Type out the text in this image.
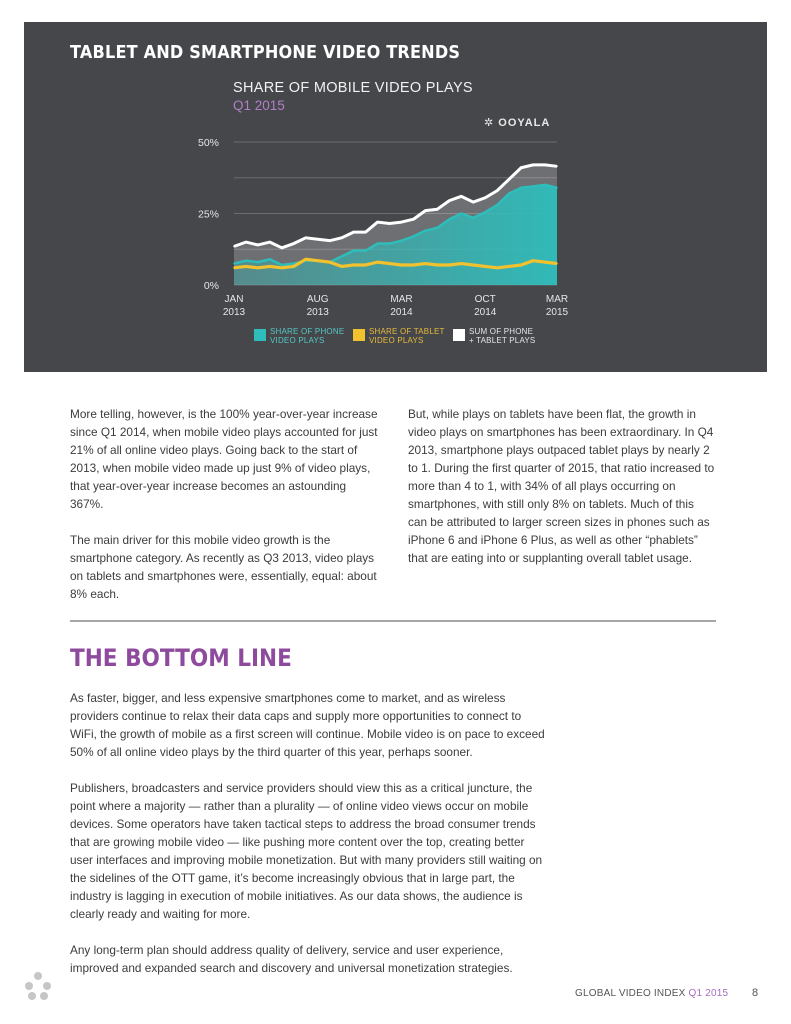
TABLET AND SMARTPHONE VIDEO TRENDS
SHARE OF MOBILE VIDEO PLAYS
Q1 2015
✲ OOYALA
0%
25%
50%
JAN
2013
AUG
2013
MAR
2014
OCT
2014
MAR
2015
SHARE OF PHONE
VIDEO PLAYS
SHARE OF TABLET
VIDEO PLAYS
SUM OF PHONE
+ TABLET PLAYS

More telling, however, is the 100% year-over-year increase since Q1 2014, when mobile video plays accounted for just 21% of all online video plays. Going back to the start of 2013, when mobile video made up just 9% of video plays, that year-over-year increase becomes an astounding 367%.

The main driver for this mobile video growth is the smartphone category. As recently as Q3 2013, video plays on tablets and smartphones were, essentially, equal: about 8% each.

But, while plays on tablets have been flat, the growth in video plays on smartphones has been extraordinary. In Q4 2013, smartphone plays outpaced tablet plays by nearly 2 to 1. During the first quarter of 2015, that ratio increased to more than 4 to 1, with 34% of all plays occurring on smartphones, with still only 8% on tablets. Much of this can be attributed to larger screen sizes in phones such as iPhone 6 and iPhone 6 Plus, as well as other “phablets” that are eating into or supplanting overall tablet usage.

THE BOTTOM LINE

As faster, bigger, and less expensive smartphones come to market, and as wireless providers continue to relax their data caps and supply more opportunities to connect to WiFi, the growth of mobile as a first screen will continue. Mobile video is on pace to exceed 50% of all online video plays by the third quarter of this year, perhaps sooner.

Publishers, broadcasters and service providers should view this as a critical juncture, the point where a majority — rather than a plurality — of online video views occur on mobile devices. Some operators have taken tactical steps to address the broad consumer trends that are growing mobile video — like pushing more content over the top, creating better user interfaces and improving mobile monetization. But with many providers still waiting on the sidelines of the OTT game, it’s become increasingly obvious that in large part, the industry is lagging in execution of mobile initiatives. As our data shows, the audience is clearly ready and waiting for more.

Any long-term plan should address quality of delivery, service and user experience, improved and expanded search and discovery and universal monetization strategies.

GLOBAL VIDEO INDEX Q1 2015 8
